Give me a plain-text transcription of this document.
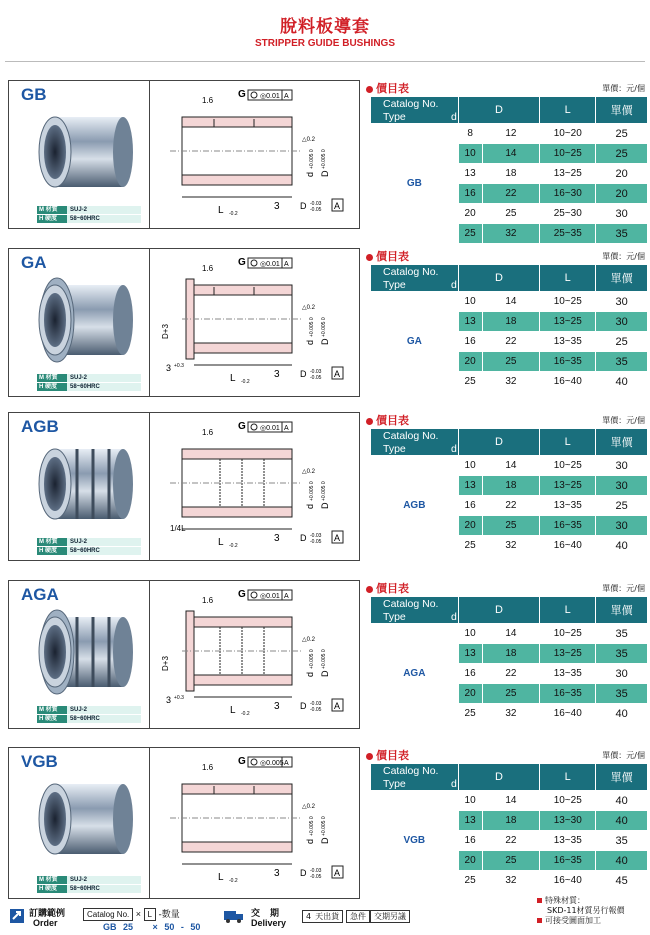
脫料板導套
STRIPPER GUIDE BUSHINGS
GB
M 材質	SUJ-2
H 硬度	58~60HRC
1.6
G ◎0.01 A
△0.2
d
+0.005 0
D
+0.005 0
L -0.2
3 D -0.03
-0.05 A
價目表	單價：元/個
Catalog No.
Type d	D		L	單價
GB	8	12	10~20	25
	10	14	10~25	25
	13	18	13~25	20
	16	22	16~30	20
	20	25	25~30	30
	25	32	25~35	35
GA
M 材質	SUJ-2
H 硬度	58~60HRC
1.6
G ◎0.01 A
△0.2
d
+0.005 0
D
+0.005 0
D+3
L -0.2
3 D -0.03
-0.05 A
3 +0.3
價目表	單價：元/個
Catalog No.
Type d	D		L	單價
GA	10	14	10~25	30
	13	18	13~25	30
	16	22	13~35	25
	20	25	16~35	35
	25	32	16~40	40
AGB
M 材質	SUJ-2
H 硬度	58~60HRC
1.6
G ◎0.01 A
△0.2
d
+0.005 0
D
+0.005 0
L -0.2
3 D -0.03
-0.05 A
1/4L
價目表	單價：元/個
Catalog No.
Type d	D		L	單價
AGB	10	14	10~25	30
	13	18	13~25	30
	16	22	13~35	25
	20	25	16~35	30
	25	32	16~40	40
AGA
M 材質	SUJ-2
H 硬度	58~60HRC
1.6
G ◎0.01 A
△0.2
d
+0.005 0
D
+0.005 0
D+3
L -0.2
3 D -0.03
-0.05 A
3 +0.3
價目表	單價：元/個
Catalog No.
Type d	D		L	單價
AGA	10	14	10~25	35
	13	18	13~25	35
	16	22	13~35	30
	20	25	16~35	35
	25	32	16~40	40
VGB
M 材質	SUJ-2
H 硬度	58~60HRC
1.6
G ◎0.005 A
△0.2
d
+0.005 0
D
+0.005 0
L -0.2
3 D -0.03
-0.05 A
價目表	單價：元/個
Catalog No.
Type d	D		L	單價
VGB	10	14	10~25	40
	13	18	13~30	40
	16	22	13~35	35
	20	25	16~35	40
	25	32	16~40	45
訂購範例
Order
Catalog No. × L -數量
GB 25 × 50 - 50
交期
Delivery
4 天出貨 急件 交期另議
特殊材質：
SKD-11材質另行報價
可接受圖面加工
